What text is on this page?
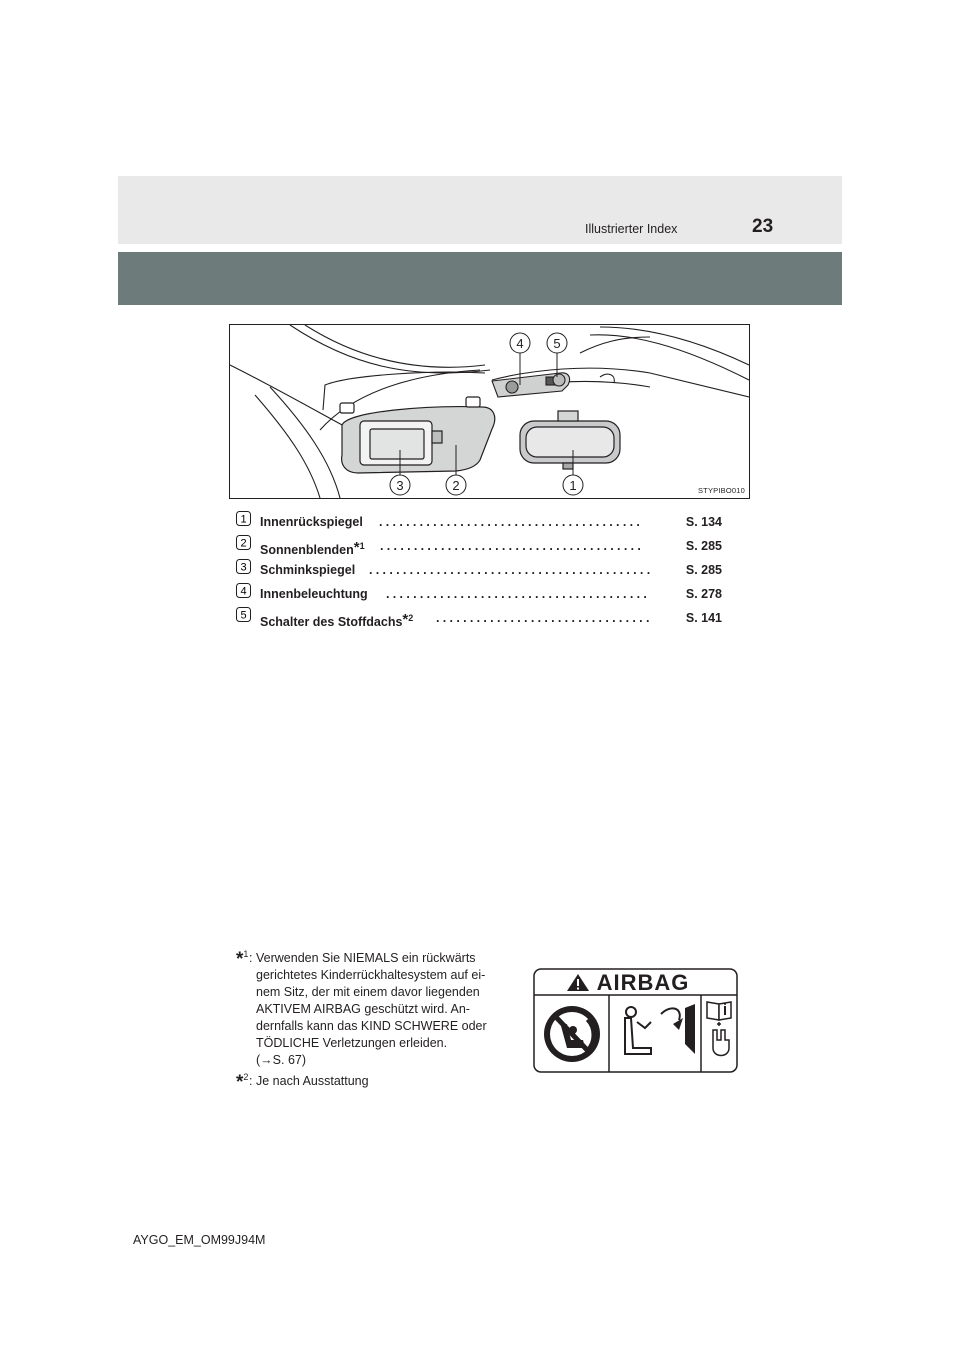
Illustrierter Index	23
4 5
3	2	1	STYPIBO010
1 Innenrückspiegel .......................................	S. 134
2 Sonnenblenden*$^1$ .......................................	S. 285
3 Schminkspiegel ..........................................	S. 285
4 Innenbeleuchtung .......................................	S. 278
5 Schalter des Stoffdachs*$^2$ ................................	S. 141
$*_1$ : Verwenden Sie NIEMALS ein rückwärts
gerichtetes Kinderrückhaltesystem auf ei-
nem Sitz, der mit einem davor liegenden
AKTIVEM AIRBAG geschützt wird. An-
dernfalls kann das KIND SCHWERE oder
TÖDLICHE Verletzungen erleiden.
(→S. 67)
$*_2$ : Je nach Ausstattung
AIRBAG
AYGO_EM_OM99J94M
